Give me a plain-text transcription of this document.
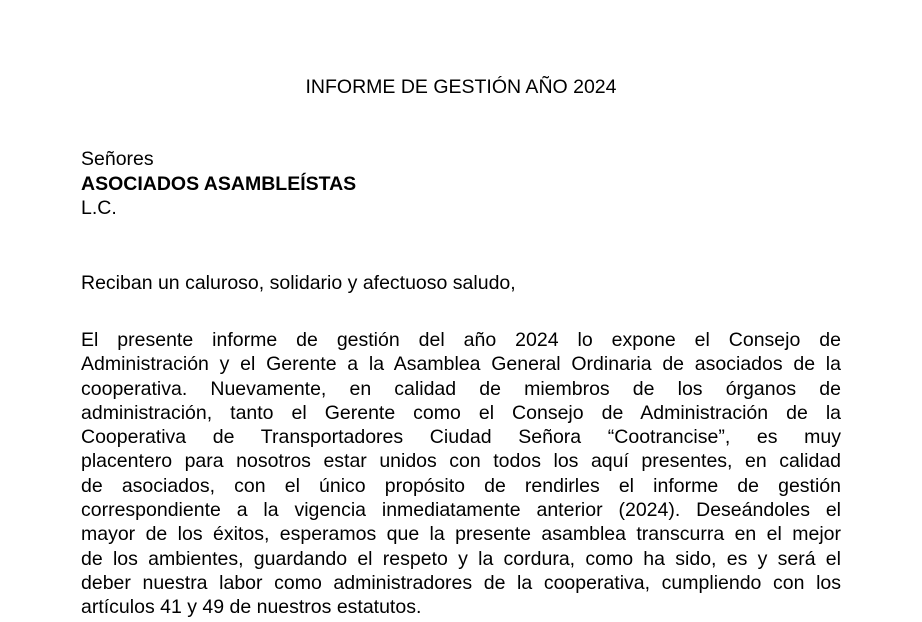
INFORME DE GESTIÓN AÑO 2024
Señores
ASOCIADOS ASAMBLEÍSTAS
L.C.
Reciban un caluroso, solidario y afectuoso saludo,
El presente informe de gestión del año 2024 lo expone el Consejo de
Administración y el Gerente a la Asamblea General Ordinaria de asociados de la
cooperativa. Nuevamente, en calidad de miembros de los órganos de
administración, tanto el Gerente como el Consejo de Administración de la
Cooperativa de Transportadores Ciudad Señora “Cootrancise”, es muy
placentero para nosotros estar unidos con todos los aquí presentes, en calidad
de asociados, con el único propósito de rendirles el informe de gestión
correspondiente a la vigencia inmediatamente anterior (2024). Deseándoles el
mayor de los éxitos, esperamos que la presente asamblea transcurra en el mejor
de los ambientes, guardando el respeto y la cordura, como ha sido, es y será el
deber nuestra labor como administradores de la cooperativa, cumpliendo con los
artículos 41 y 49 de nuestros estatutos.
